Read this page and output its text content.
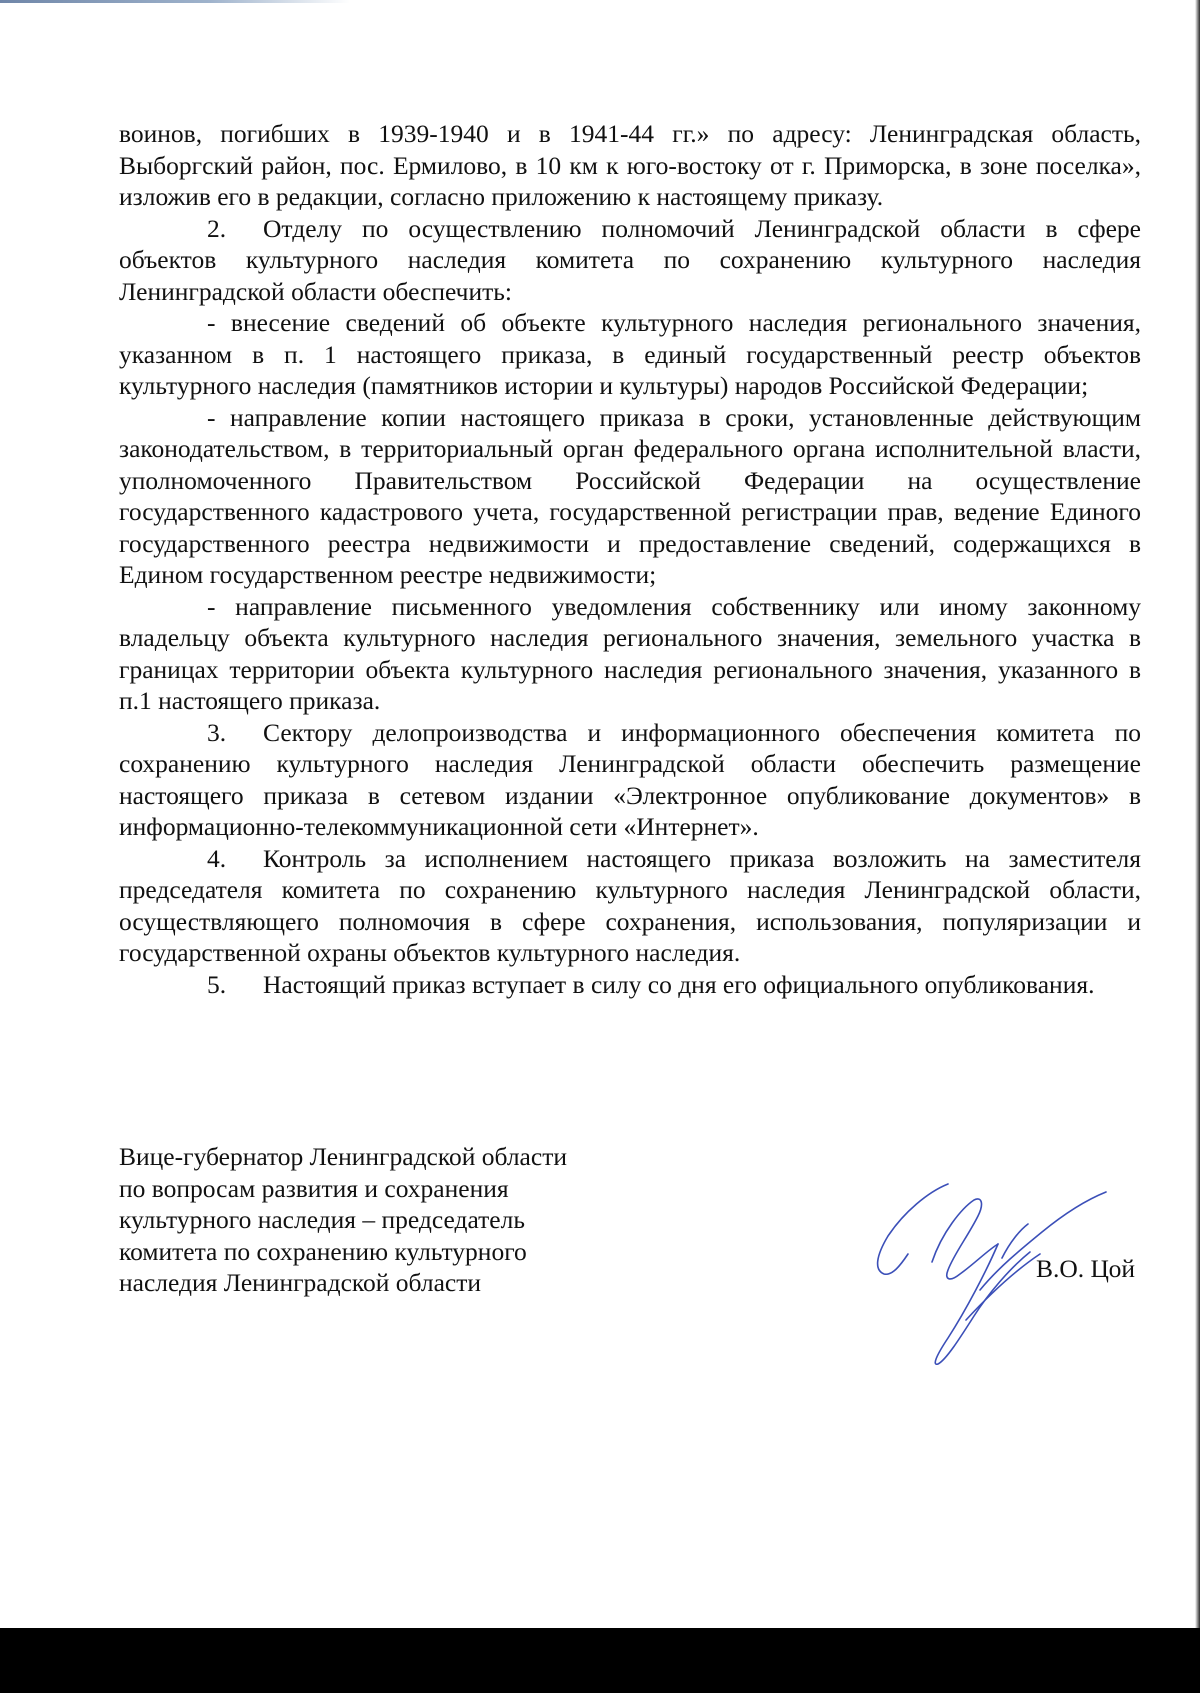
воинов, погибших в 1939-1940 и в 1941-44 гг.» по адресу: Ленинградская область, Выборгский район, пос. Ермилово, в 10 км к юго-востоку от г. Приморска, в зоне поселка», изложив его в редакции, согласно приложению к настоящему приказу.

2. Отделу по осуществлению полномочий Ленинградской области в сфере объектов культурного наследия комитета по сохранению культурного наследия Ленинградской области обеспечить:

- внесение сведений об объекте культурного наследия регионального значения, указанном в п. 1 настоящего приказа, в единый государственный реестр объектов культурного наследия (памятников истории и культуры) народов Российской Федерации;

- направление копии настоящего приказа в сроки, установленные действующим законодательством, в территориальный орган федерального органа исполнительной власти, уполномоченного Правительством Российской Федерации на осуществление государственного кадастрового учета, государственной регистрации прав, ведение Единого государственного реестра недвижимости и предоставление сведений, содержащихся в Едином государственном реестре недвижимости;

- направление письменного уведомления собственнику или иному законному владельцу объекта культурного наследия регионального значения, земельного участка в границах территории объекта культурного наследия регионального значения, указанного в п.1 настоящего приказа.

3. Сектору делопроизводства и информационного обеспечения комитета по сохранению культурного наследия Ленинградской области обеспечить размещение настоящего приказа в сетевом издании «Электронное опубликование документов» в информационно-телекоммуникационной сети «Интернет».

4. Контроль за исполнением настоящего приказа возложить на заместителя председателя комитета по сохранению культурного наследия Ленинградской области, осуществляющего полномочия в сфере сохранения, использования, популяризации и государственной охраны объектов культурного наследия.

5. Настоящий приказ вступает в силу со дня его официального опубликования.

Вице-губернатор Ленинградской области
по вопросам развития и сохранения
культурного наследия – председатель
комитета по сохранению культурного
наследия Ленинградской области	В.О. Цой
